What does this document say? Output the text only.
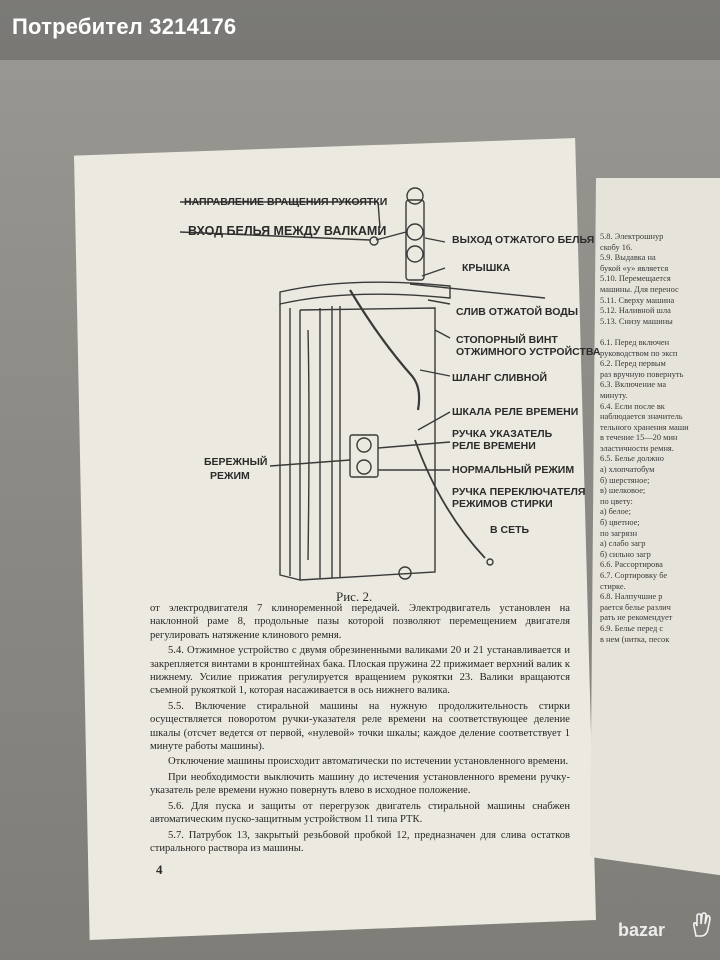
Потребител 3214176
НАПРАВЛЕНИЕ ВРАЩЕНИЯ РУКОЯТКИ
ВХОД БЕЛЬЯ МЕЖДУ ВАЛКАМИ
ВЫХОД ОТЖАТОГО БЕЛЬЯ
КРЫШКА
СЛИВ ОТЖАТОЙ ВОДЫ
СТОПОРНЫЙ ВИНТ
ОТЖИМНОГО УСТРОЙСТВА
ШЛАНГ СЛИВНОЙ
ШКАЛА РЕЛЕ ВРЕМЕНИ
РУЧКА УКАЗАТЕЛЬ
РЕЛЕ ВРЕМЕНИ
НОРМАЛЬНЫЙ РЕЖИМ
РУЧКА ПЕРЕКЛЮЧАТЕЛЯ
РЕЖИМОВ СТИРКИ
БЕРЕЖНЫЙ
РЕЖИМ
В СЕТЬ
Рис. 2.

от электродвигателя 7 клиноременной передачей. Электродвигатель установлен на наклонной раме 8, продольные пазы которой позволяют перемещением двигателя регулировать натяжение клинового ремня.

5.4. Отжимное устройство с двумя обрезиненными валиками 20 и 21 устанавливается и закрепляется винтами в кронштейнах бака. Плоская пружина 22 прижимает верхний валик к нижнему. Усилие прижатия регулируется вращением рукоятки 23. Валики вращаются съемной рукояткой 1, которая насаживается в ось нижнего валика.

5.5. Включение стиральной машины на нужную продолжительность стирки осуществляется поворотом ручки-указателя реле времени на соответствующее деление шкалы (отсчет ведется от первой, «нулевой» точки шкалы; каждое деление соответствует 1 минуте работы машины).

Отключение машины происходит автоматически по истечении установленного времени.

При необходимости выключить машину до истечения установленного времени ручку-указатель реле времени нужно повернуть влево в исходное положение.

5.6. Для пуска и защиты от перегрузок двигатель стиральной машины снабжен автоматическим пуско-защитным устройством 11 типа РТК.

5.7. Патрубок 13, закрытый резьбовой пробкой 12, предназначен для слива остатков стирального раствора из машины.

4
5.8. Электрошнур
скобу 16.
5.9. Выдавка на
букой «у» является
5.10. Перемещается
машины. Для перенос
5.11. Сверху машина
5.12. Наливной шла
5.13. Снизу машины

6.1. Перед включен
руководством по эксп
6.2. Перед первым
раз вручную повернуть
6.3. Включение ма
минуту.
6.4. Если после вк
наблюдается значитель
тельного хранения маши
в течение 15—20 мин
эластичности ремня.
6.5. Белье должно
а) хлопчатобум
б) шерстяное;
в) шелковое;
по цвету:
а) белое;
б) цветное;
по загрязн
а) слабо загр
б) сильно загр
6.6. Рассортирова
6.7. Сортировку бе
стирке.
6.8. Налпучшие р
рается белье различ
рать не рекомендует
6.9. Белье перед с
в нем (нитка, песок
bazar
